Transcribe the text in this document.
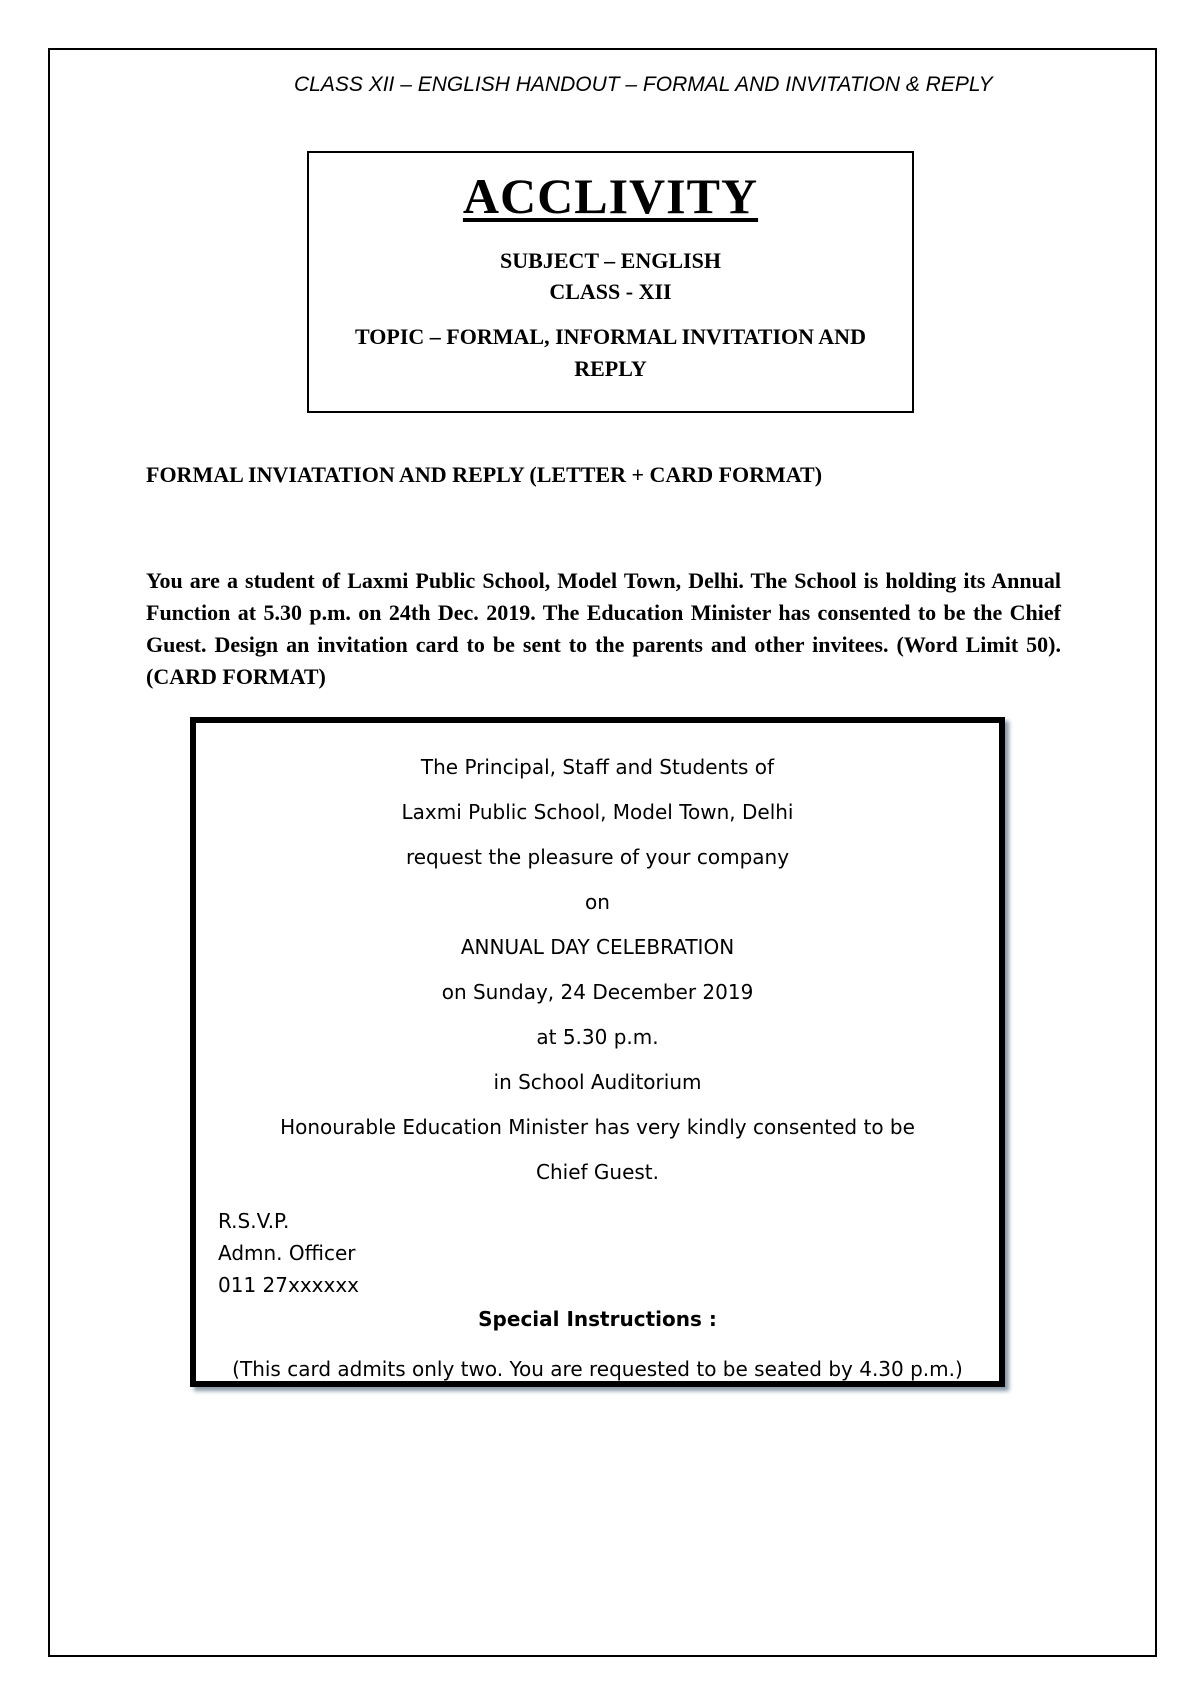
CLASS XII – ENGLISH HANDOUT – FORMAL AND INVITATION & REPLY
ACCLIVITY
SUBJECT – ENGLISH
CLASS - XII
TOPIC – FORMAL, INFORMAL INVITATION AND REPLY
FORMAL INVIATATION AND REPLY (LETTER + CARD FORMAT)
You are a student of Laxmi Public School, Model Town, Delhi. The School is holding its Annual Function at 5.30 p.m. on 24th Dec. 2019. The Education Minister has consented to be the Chief Guest. Design an invitation card to be sent to the parents and other invitees. (Word Limit 50). (CARD FORMAT)
The Principal, Staff and Students of
Laxmi Public School, Model Town, Delhi
request the pleasure of your company
on
ANNUAL DAY CELEBRATION
on Sunday, 24 December 2019
at 5.30 p.m.
in School Auditorium
Honourable Education Minister has very kindly consented to be
Chief Guest.
R.S.V.P.
Admn. Officer
011 27xxxxxx
Special Instructions :
(This card admits only two. You are requested to be seated by 4.30 p.m.)
